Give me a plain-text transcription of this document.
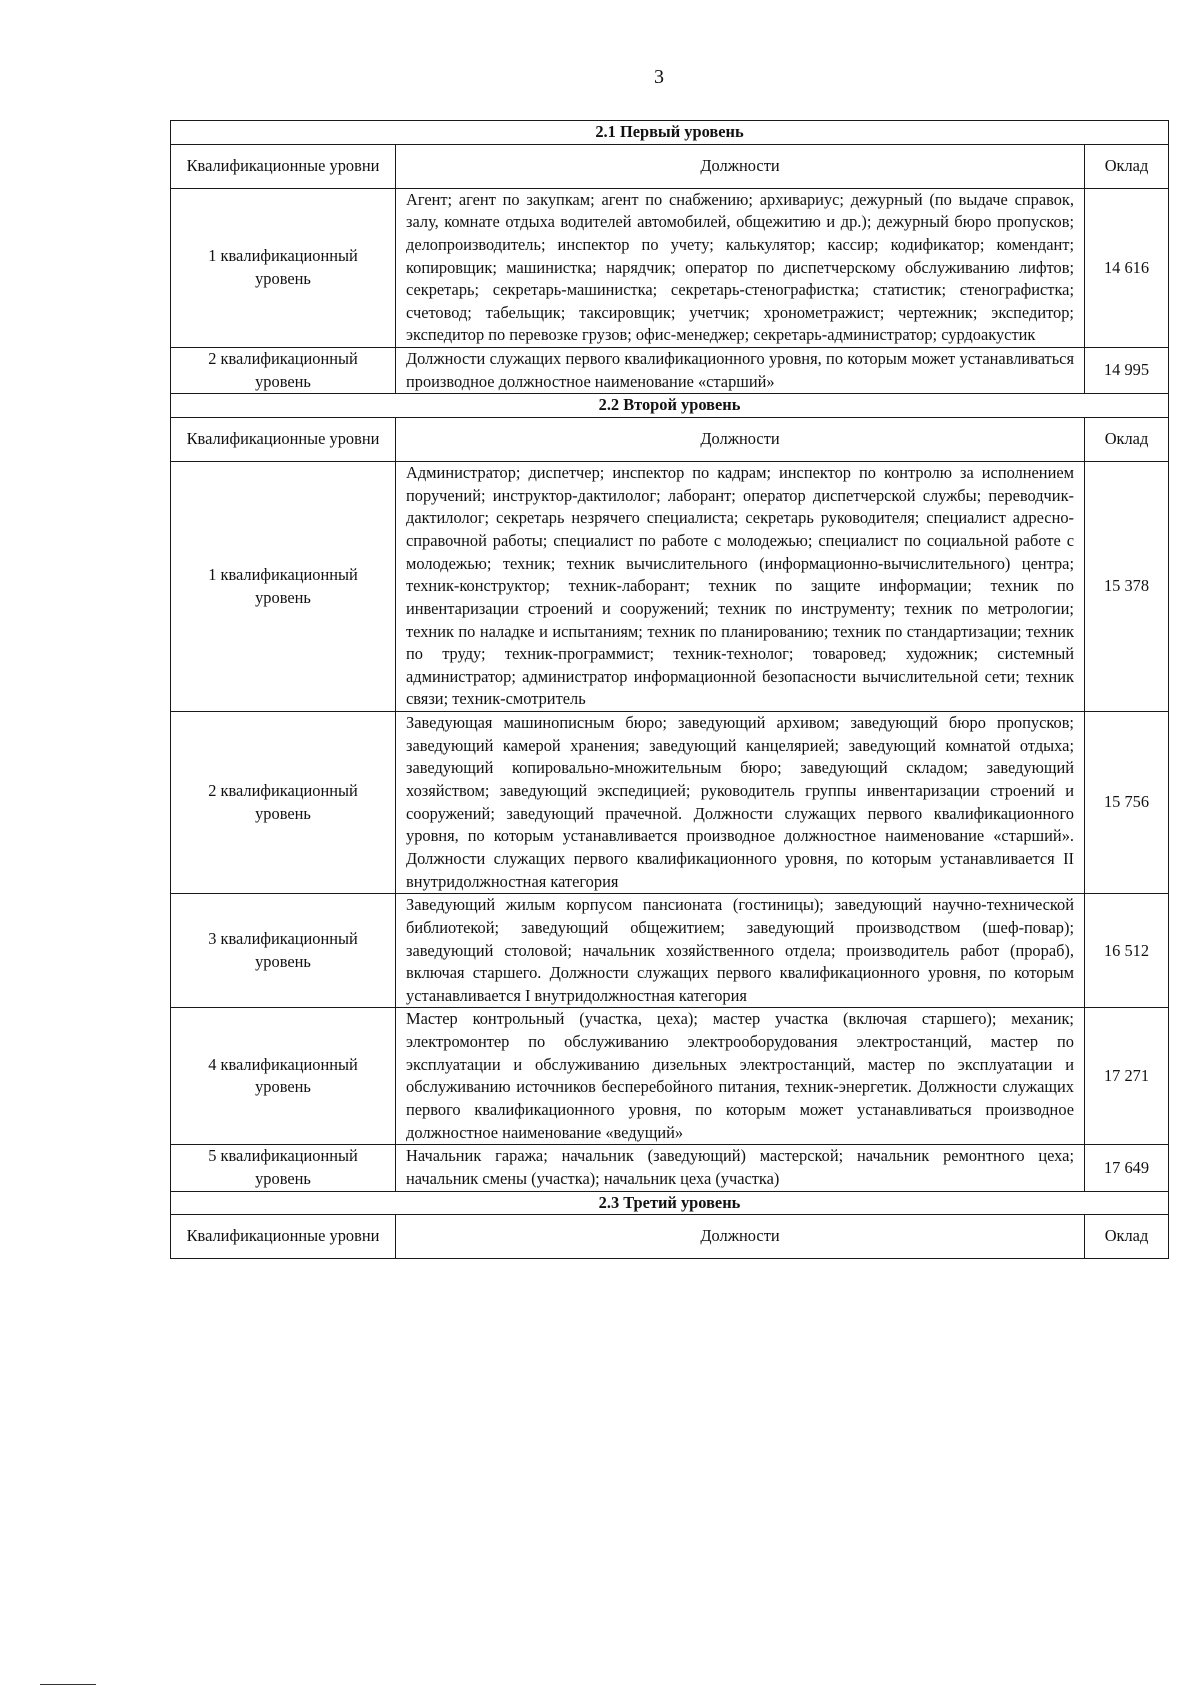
3
2.1 Первый уровень		
Квалификационные уровни	Должности	Оклад
1 квалификационный уровень	Агент; агент по закупкам; агент по снабжению; архивариус; дежурный (по выдаче справок, залу, комнате отдыха водителей автомобилей, общежитию и др.); дежурный бюро пропусков; делопроизводитель; инспектор по учету; калькулятор; кассир; кодификатор; комендант; копировщик; машинистка; нарядчик; оператор по диспетчерскому обслуживанию лифтов; секретарь; секретарь-машинистка; секретарь-стенографистка; статистик; стенографистка; счетовод; табельщик; таксировщик; учетчик; хронометражист; чертежник; экспедитор; экспедитор по перевозке грузов; офис-менеджер; секретарь-администратор; сурдоакустик	14 616
2 квалификационный уровень	Должности служащих первого квалификационного уровня, по которым может устанавливаться производное должностное наименование «старший»	14 995
2.2 Второй уровень		
Квалификационные уровни	Должности	Оклад
1 квалификационный уровень	Администратор; диспетчер; инспектор по кадрам; инспектор по контролю за исполнением поручений; инструктор-дактилолог; лаборант; оператор диспетчерской службы; переводчик-дактилолог; секретарь незрячего специалиста; секретарь руководителя; специалист адресно-справочной работы; специалист по работе с молодежью; специалист по социальной работе с молодежью; техник; техник вычислительного (информационно-вычислительного) центра; техник-конструктор; техник-лаборант; техник по защите информации; техник по инвентаризации строений и сооружений; техник по инструменту; техник по метрологии; техник по наладке и испытаниям; техник по планированию; техник по стандартизации; техник по труду; техник-программист; техник-технолог; товаровед; художник; системный администратор; администратор информационной безопасности вычислительной сети; техник связи; техник-смотритель	15 378
2 квалификационный уровень	Заведующая машинописным бюро; заведующий архивом; заведующий бюро пропусков; заведующий камерой хранения; заведующий канцелярией; заведующий комнатой отдыха; заведующий копировально-множительным бюро; заведующий складом; заведующий хозяйством; заведующий экспедицией; руководитель группы инвентаризации строений и сооружений; заведующий прачечной. Должности служащих первого квалификационного уровня, по которым устанавливается производное должностное наименование «старший». Должности служащих первого квалификационного уровня, по которым устанавливается II внутридолжностная категория	15 756
3 квалификационный уровень	Заведующий жилым корпусом пансионата (гостиницы); заведующий научно-технической библиотекой; заведующий общежитием; заведующий производством (шеф-повар); заведующий столовой; начальник хозяйственного отдела; производитель работ (прораб), включая старшего. Должности служащих первого квалификационного уровня, по которым устанавливается I внутридолжностная категория	16 512
4 квалификационный уровень	Мастер контрольный (участка, цеха); мастер участка (включая старшего); механик; электромонтер по обслуживанию электрооборудования электростанций, мастер по эксплуатации и обслуживанию дизельных электростанций, мастер по эксплуатации и обслуживанию источников бесперебойного питания, техник-энергетик. Должности служащих первого квалификационного уровня, по которым может устанавливаться производное должностное наименование «ведущий»	17 271
5 квалификационный уровень	Начальник гаража; начальник (заведующий) мастерской; начальник ремонтного цеха; начальник смены (участка); начальник цеха (участка)	17 649
2.3 Третий уровень		
Квалификационные уровни	Должности	Оклад
